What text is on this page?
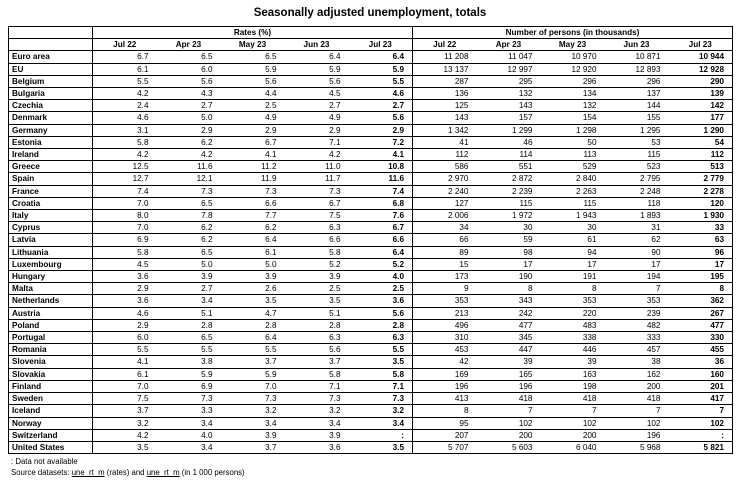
Seasonally adjusted unemployment, totals
	Rates (%)					Number of persons (in thousands)				
	Jul 22	Apr 23	May 23	Jun 23	Jul 23	Jul 22	Apr 23	May 23	Jun 23	Jul 23
Euro area	6.7	6.5	6.5	6.4	6.4	11 208	11 047	10 970	10 871	10 944
EU	6.1	6.0	5.9	5.9	5.9	13 137	12 997	12 920	12 893	12 928
Belgium	5.5	5.6	5.6	5.6	5.5	287	295	296	296	290
Bulgaria	4.2	4.3	4.4	4.5	4.6	136	132	134	137	139
Czechia	2.4	2.7	2.5	2.7	2.7	125	143	132	144	142
Denmark	4.6	5.0	4.9	4.9	5.6	143	157	154	155	177
Germany	3.1	2.9	2.9	2.9	2.9	1 342	1 299	1 298	1 295	1 290
Estonia	5.8	6.2	6.7	7.1	7.2	41	46	50	53	54
Ireland	4.2	4.2	4.1	4.2	4.1	112	114	113	115	112
Greece	12.5	11.6	11.2	11.0	10.8	586	551	529	523	513
Spain	12.7	12.1	11.9	11.7	11.6	2 970	2 872	2 840	2 795	2 779
France	7.4	7.3	7.3	7.3	7.4	2 240	2 239	2 263	2 248	2 278
Croatia	7.0	6.5	6.6	6.7	6.8	127	115	115	118	120
Italy	8.0	7.8	7.7	7.5	7.6	2 006	1 972	1 943	1 893	1 930
Cyprus	7.0	6.2	6.2	6.3	6.7	34	30	30	31	33
Latvia	6.9	6.2	6.4	6.6	6.6	66	59	61	62	63
Lithuania	5.8	6.5	6.1	5.8	6.4	89	98	94	90	96
Luxembourg	4.5	5.0	5.0	5.2	5.2	15	17	17	17	17
Hungary	3.6	3.9	3.9	3.9	4.0	173	190	191	194	195
Malta	2.9	2.7	2.6	2.5	2.5	9	8	8	7	8
Netherlands	3.6	3.4	3.5	3.5	3.6	353	343	353	353	362
Austria	4.6	5.1	4.7	5.1	5.6	213	242	220	239	267
Poland	2.9	2.8	2.8	2.8	2.8	496	477	483	482	477
Portugal	6.0	6.5	6.4	6.3	6.3	310	345	338	333	330
Romania	5.5	5.5	5.5	5.6	5.5	453	447	446	457	455
Slovenia	4.1	3.8	3.7	3.7	3.5	42	39	39	38	36
Slovakia	6.1	5.9	5.9	5.8	5.8	169	165	163	162	160
Finland	7.0	6.9	7.0	7.1	7.1	196	196	198	200	201
Sweden	7.5	7.3	7.3	7.3	7.3	413	418	418	418	417
Iceland	3.7	3.3	3.2	3.2	3.2	8	7	7	7	7
Norway	3.2	3.4	3.4	3.4	3.4	95	102	102	102	102
Switzerland	4.2	4.0	3.9	3.9	:	207	200	200	196	:
United States	3.5	3.4	3.7	3.6	3.5	5 707	5 603	6 040	5 968	5 821
: Data not available
Source datasets: une_rt_m (rates) and une_rt_m (in 1 000 persons)
